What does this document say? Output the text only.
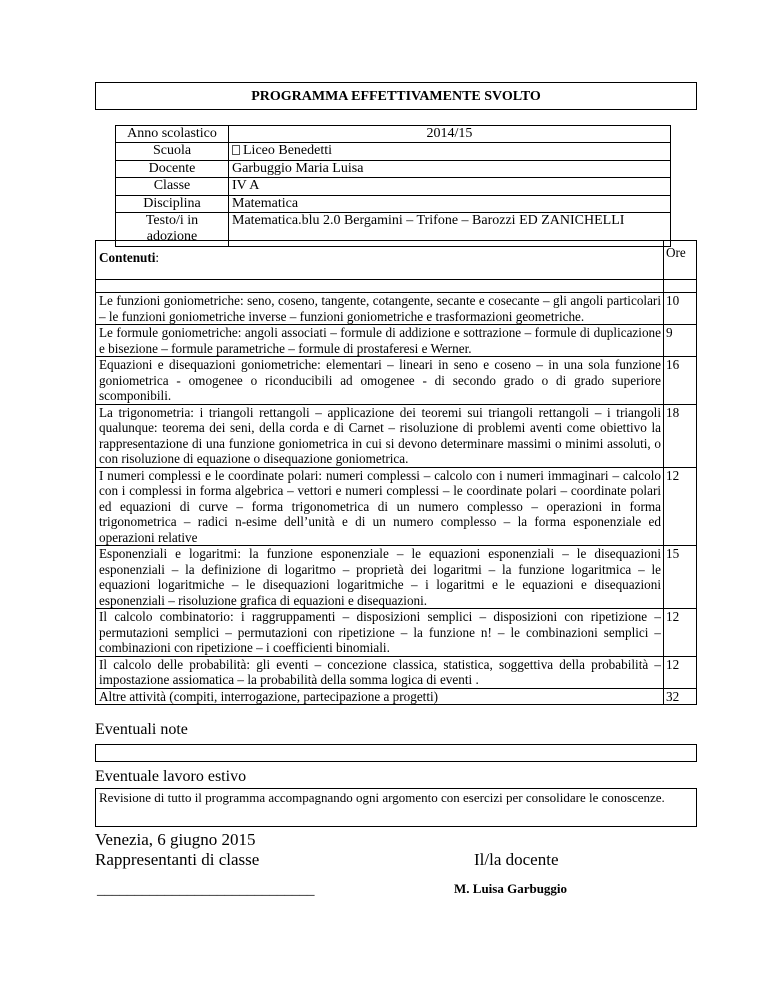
PROGRAMMA EFFETTIVAMENTE SVOLTO
Anno scolastico	2014/15
Scuola	Liceo Benedetti
Docente	Garbuggio Maria Luisa
Classe	IV A
Disciplina	Matematica
Testo/i in adozione	Matematica.blu 2.0 Bergamini – Trifone – Barozzi ED ZANICHELLI
Contenuti:	Ore

Le funzioni goniometriche: seno, coseno, tangente, cotangente, secante e cosecante – gli angoli particolari – le funzioni goniometriche inverse – funzioni goniometriche e trasformazioni geometriche.	10
Le formule goniometriche: angoli associati – formule di addizione e sottrazione – formule di duplicazione e bisezione – formule parametriche – formule di prostaferesi e Werner.	9
Equazioni e disequazioni goniometriche: elementari – lineari in seno e coseno – in una sola funzione goniometrica - omogenee o riconducibili ad omogenee - di secondo grado o di grado superiore scomponibili.	16
La trigonometria: i triangoli rettangoli – applicazione dei teoremi sui triangoli rettangoli – i triangoli qualunque: teorema dei seni, della corda e di Carnet – risoluzione di problemi aventi come obiettivo la rappresentazione di una funzione goniometrica in cui si devono determinare massimi o minimi assoluti, o con risoluzione di equazione o disequazione goniometrica.	18
I numeri complessi e le coordinate polari: numeri complessi – calcolo con i numeri immaginari – calcolo con i complessi in forma algebrica – vettori e numeri complessi – le coordinate polari – coordinate polari ed equazioni di curve – forma trigonometrica di un numero complesso – operazioni in forma trigonometrica – radici n-esime dell’unità e di un numero complesso – la forma esponenziale ed operazioni relative	12
Esponenziali e logaritmi: la funzione esponenziale – le equazioni esponenziali – le disequazioni esponenziali – la definizione di logaritmo – proprietà dei logaritmi – la funzione logaritmica – le equazioni logaritmiche – le disequazioni logaritmiche – i logaritmi e le equazioni e disequazioni esponenziali – risoluzione grafica di equazioni e disequazioni.	15
Il calcolo combinatorio: i raggruppamenti – disposizioni semplici – disposizioni con ripetizione – permutazioni semplici – permutazioni con ripetizione – la funzione n! – le combinazioni semplici – combinazioni con ripetizione – i coefficienti binomiali.	12
Il calcolo delle probabilità: gli eventi – concezione classica, statistica, soggettiva della probabilità – impostazione assiomatica – la probabilità della somma logica di eventi .	12
Altre attività (compiti, interrogazione, partecipazione a progetti)	32
Eventuali note
Eventuale lavoro estivo
Revisione di tutto il programma accompagnando ogni argomento con esercizi per consolidare le conoscenze.
Venezia, 6 giugno 2015
Rappresentanti di classe	Il/la docente
_____________________________	M. Luisa Garbuggio
